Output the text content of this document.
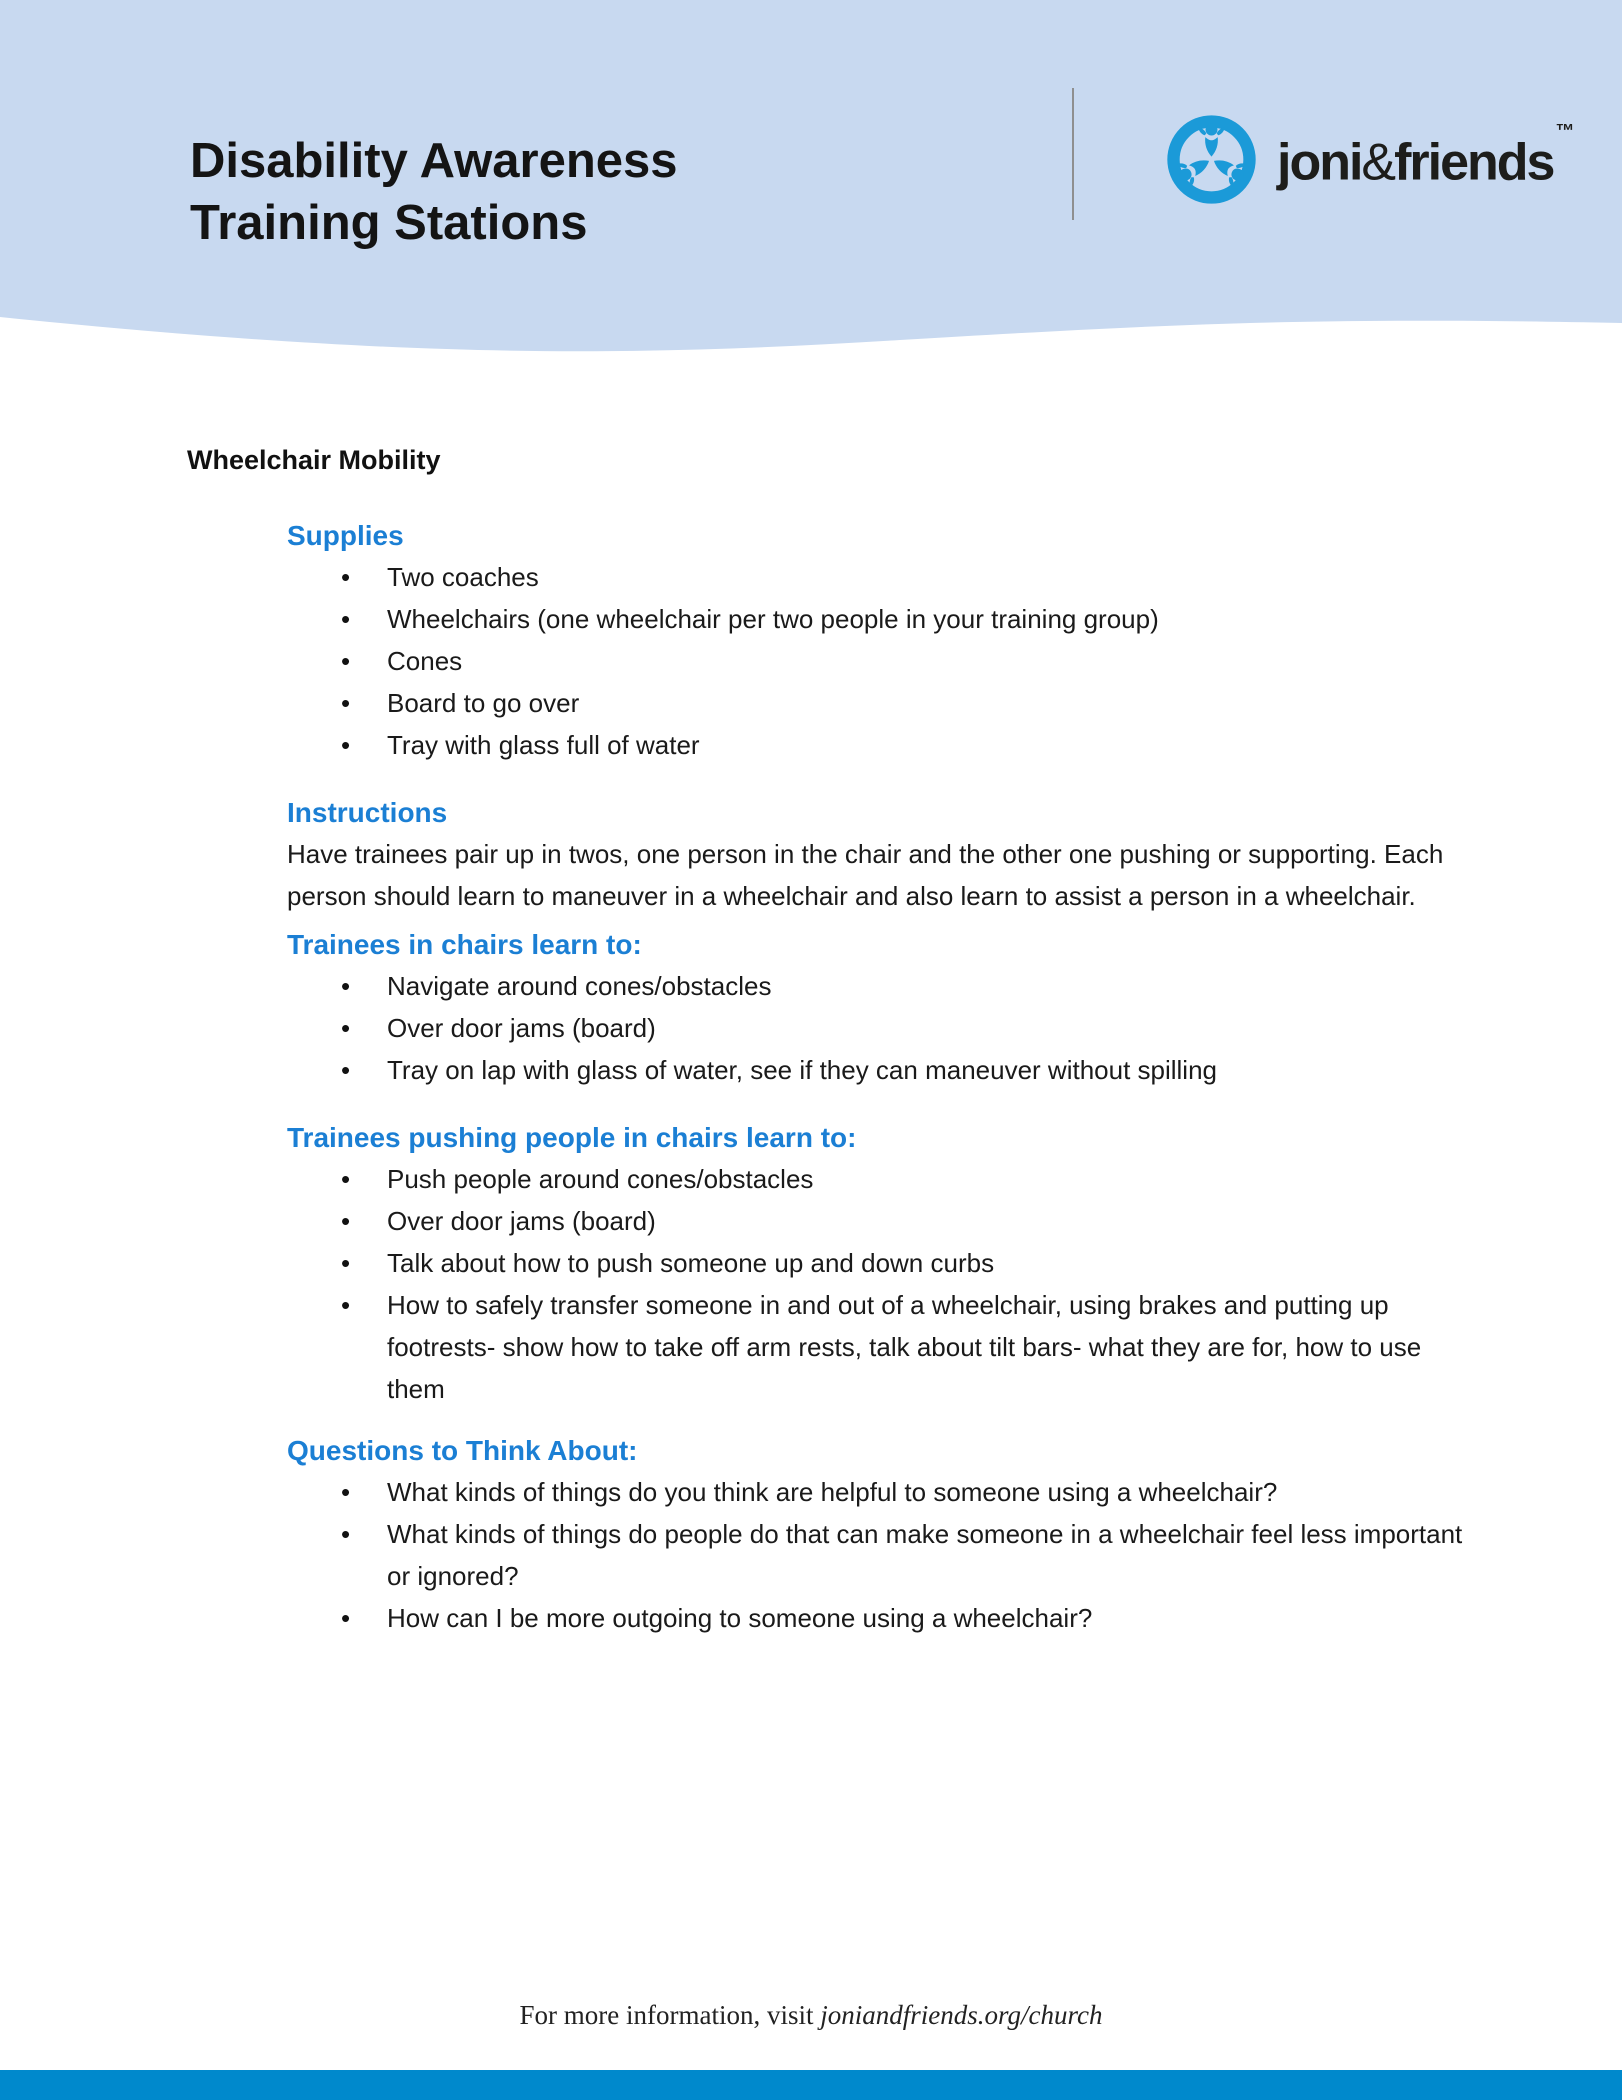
Disability Awareness
Training Stations
joni&friends™
Wheelchair Mobility
Supplies
• Two coaches
• Wheelchairs (one wheelchair per two people in your training group)
• Cones
• Board to go over
• Tray with glass full of water
Instructions

Have trainees pair up in twos, one person in the chair and the other one pushing or supporting. Each person should learn to maneuver in a wheelchair and also learn to assist a person in a wheelchair.

Trainees in chairs learn to:
• Navigate around cones/obstacles
• Over door jams (board)
• Tray on lap with glass of water, see if they can maneuver without spilling
Trainees pushing people in chairs learn to:
• Push people around cones/obstacles
• Over door jams (board)
• Talk about how to push someone up and down curbs
• How to safely transfer someone in and out of a wheelchair, using brakes and putting up footrests- show how to take off arm rests, talk about tilt bars- what they are for, how to use them
Questions to Think About:
• What kinds of things do you think are helpful to someone using a wheelchair?
• What kinds of things do people do that can make someone in a wheelchair feel less important or ignored?
• How can I be more outgoing to someone using a wheelchair?
For more information, visit joniandfriends.org/church
